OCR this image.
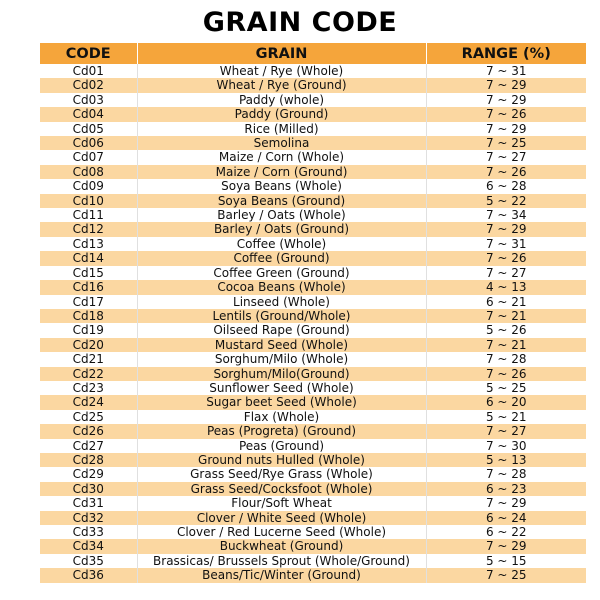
GRAIN CODE
CODE	GRAIN	RANGE (%)
Cd01	Wheat / Rye (Whole)	7 ~ 31
Cd02	Wheat / Rye (Ground)	7 ~ 29
Cd03	Paddy (whole)	7 ~ 29
Cd04	Paddy (Ground)	7 ~ 26
Cd05	Rice (Milled)	7 ~ 29
Cd06	Semolina	7 ~ 25
Cd07	Maize / Corn (Whole)	7 ~ 27
Cd08	Maize / Corn (Ground)	7 ~ 26
Cd09	Soya Beans (Whole)	6 ~ 28
Cd10	Soya Beans (Ground)	5 ~ 22
Cd11	Barley / Oats (Whole)	7 ~ 34
Cd12	Barley / Oats (Ground)	7 ~ 29
Cd13	Coffee (Whole)	7 ~ 31
Cd14	Coffee (Ground)	7 ~ 26
Cd15	Coffee Green (Ground)	7 ~ 27
Cd16	Cocoa Beans (Whole)	4 ~ 13
Cd17	Linseed (Whole)	6 ~ 21
Cd18	Lentils (Ground/Whole)	7 ~ 21
Cd19	Oilseed Rape (Ground)	5 ~ 26
Cd20	Mustard Seed (Whole)	7 ~ 21
Cd21	Sorghum/Milo (Whole)	7 ~ 28
Cd22	Sorghum/Milo(Ground)	7 ~ 26
Cd23	Sunflower Seed (Whole)	5 ~ 25
Cd24	Sugar beet Seed (Whole)	6 ~ 20
Cd25	Flax (Whole)	5 ~ 21
Cd26	Peas (Progreta) (Ground)	7 ~ 27
Cd27	Peas (Ground)	7 ~ 30
Cd28	Ground nuts Hulled (Whole)	5 ~ 13
Cd29	Grass Seed/Rye Grass (Whole)	7 ~ 28
Cd30	Grass Seed/Cocksfoot (Whole)	6 ~ 23
Cd31	Flour/Soft Wheat	7 ~ 29
Cd32	Clover / White Seed (Whole)	6 ~ 24
Cd33	Clover / Red Lucerne Seed (Whole)	6 ~ 22
Cd34	Buckwheat (Ground)	7 ~ 29
Cd35	Brassicas/ Brussels Sprout (Whole/Ground)	5 ~ 15
Cd36	Beans/Tic/Winter (Ground)	7 ~ 25
